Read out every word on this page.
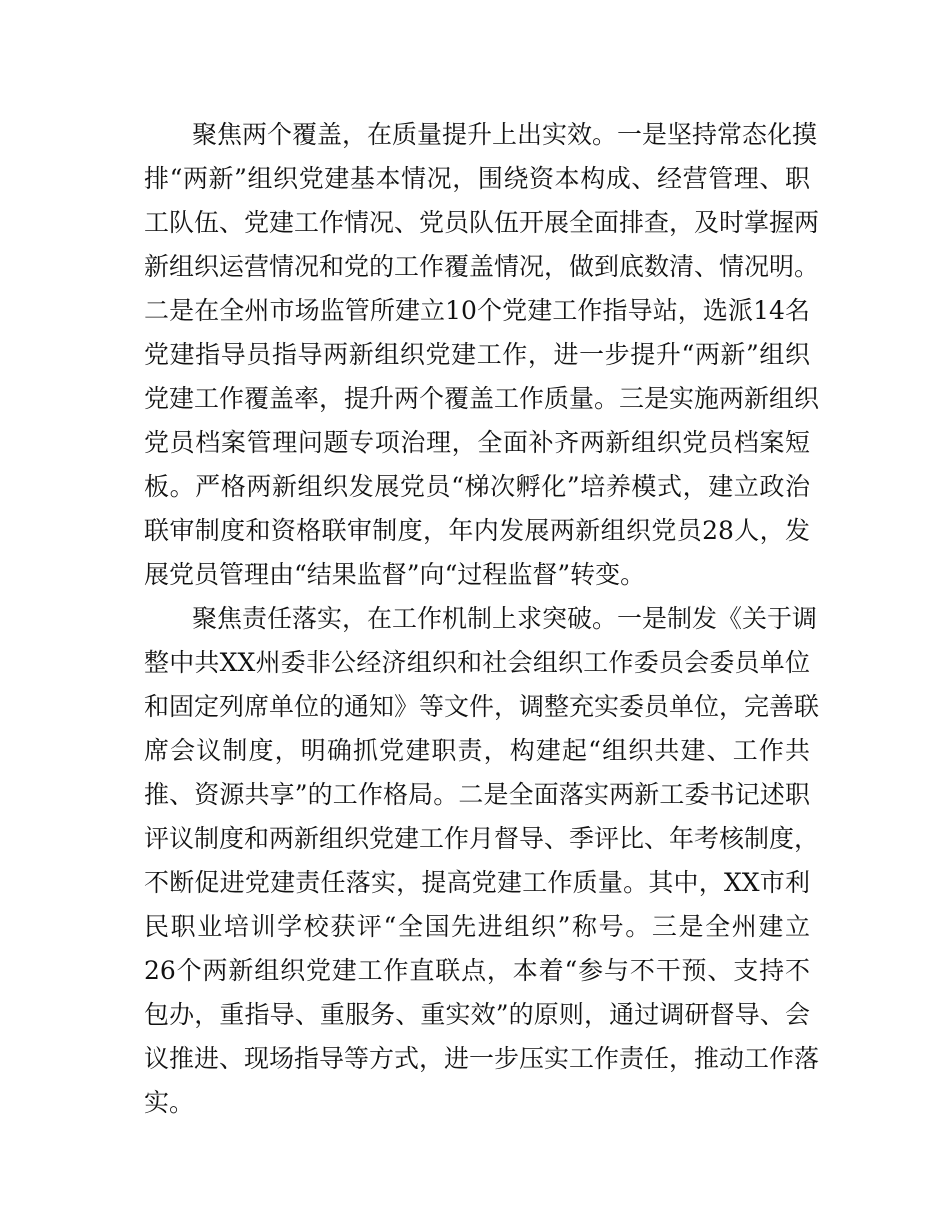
聚焦两个覆盖，在质量提升上出实效。一是坚持常态化摸

排“两新”组织党建基本情况，围绕资本构成、经营管理、职

工队伍、党建工作情况、党员队伍开展全面排查，及时掌握两

新组织运营情况和党的工作覆盖情况，做到底数清、情况明。

二是在全州市场监管所建立10个党建工作指导站，选派14名

党建指导员指导两新组织党建工作，进一步提升“两新”组织

党建工作覆盖率，提升两个覆盖工作质量。三是实施两新组织

党员档案管理问题专项治理，全面补齐两新组织党员档案短

板。严格两新组织发展党员“梯次孵化”培养模式，建立政治

联审制度和资格联审制度，年内发展两新组织党员28人，发

展党员管理由“结果监督”向“过程监督”转变。

聚焦责任落实，在工作机制上求突破。一是制发《关于调

整中共XX州委非公经济组织和社会组织工作委员会委员单位

和固定列席单位的通知》等文件，调整充实委员单位，完善联

席会议制度，明确抓党建职责，构建起“组织共建、工作共

推、资源共享”的工作格局。二是全面落实两新工委书记述职

评议制度和两新组织党建工作月督导、季评比、年考核制度，

不断促进党建责任落实，提高党建工作质量。其中，XX市利

民职业培训学校获评“全国先进组织”称号。三是全州建立

26个两新组织党建工作直联点，本着“参与不干预、支持不

包办，重指导、重服务、重实效”的原则，通过调研督导、会

议推进、现场指导等方式，进一步压实工作责任，推动工作落

实。
